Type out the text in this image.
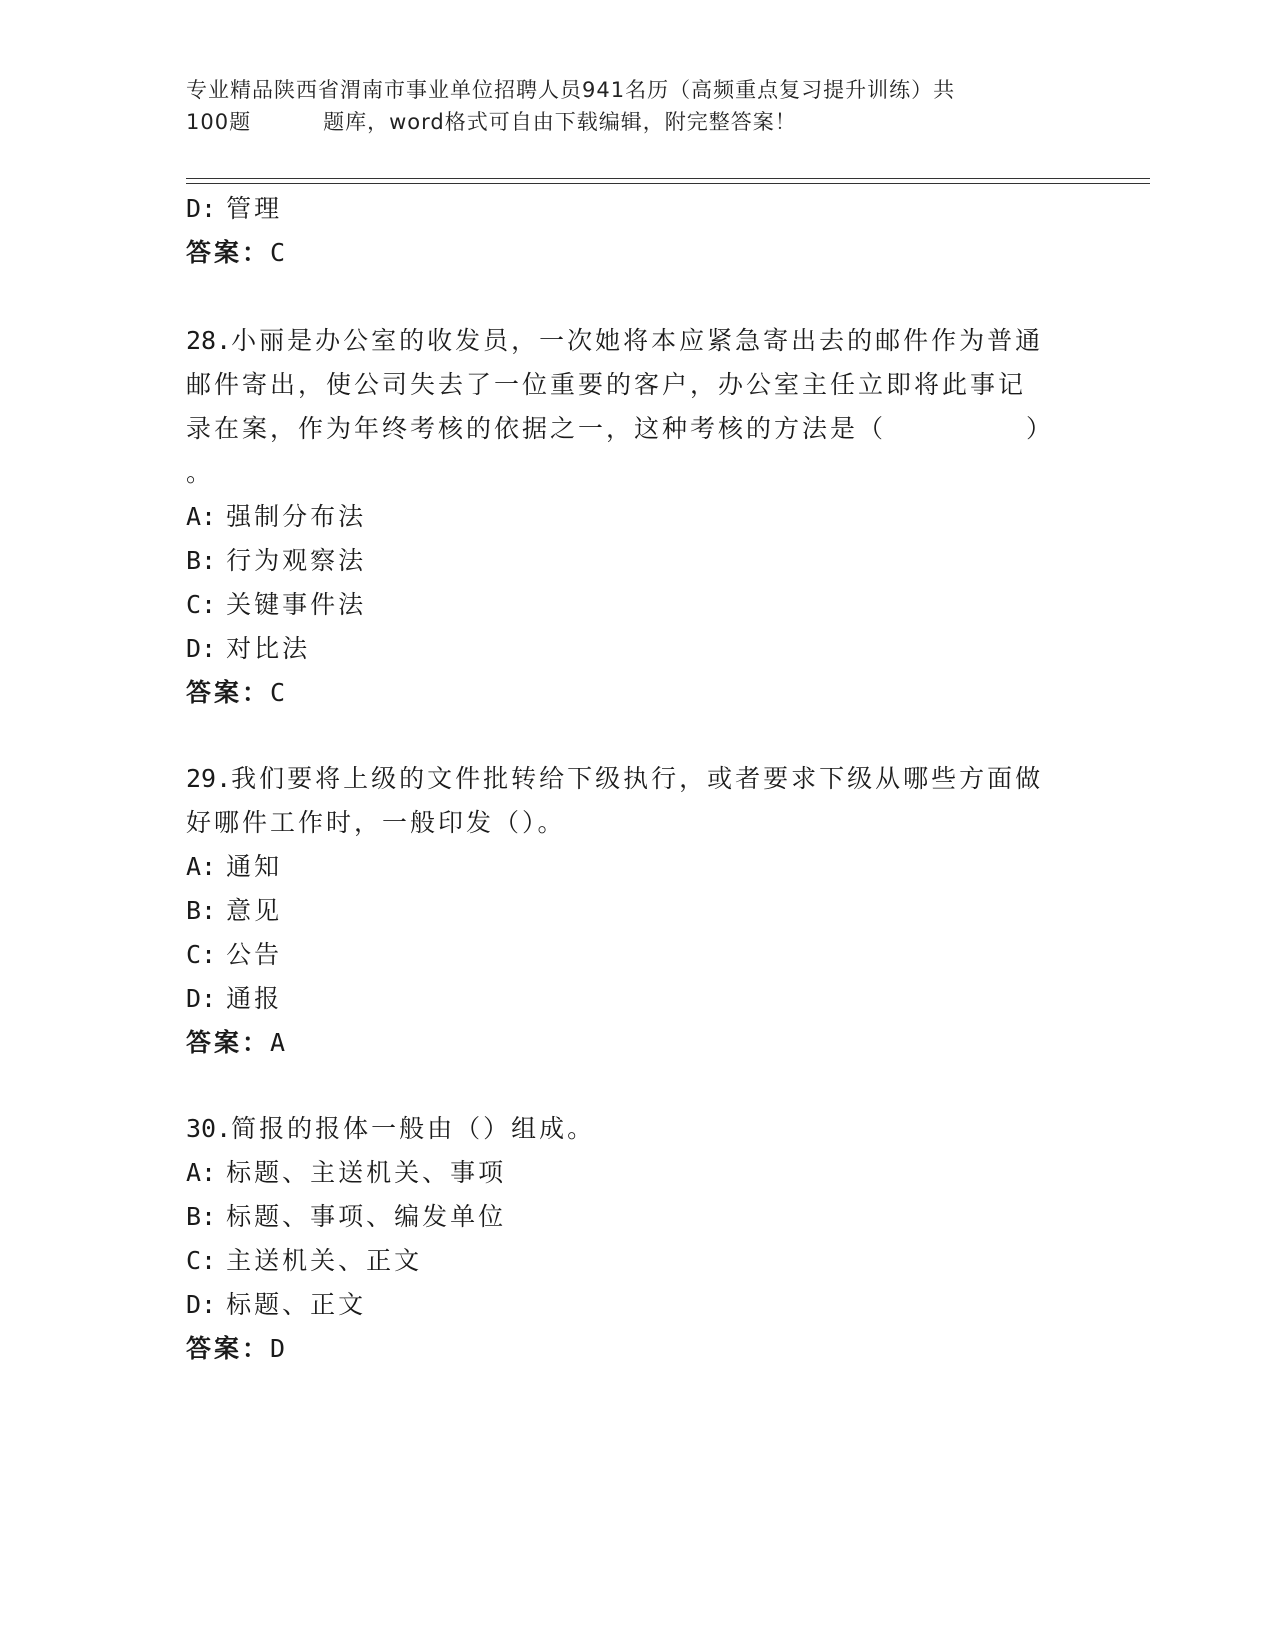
专业精品陕西省渭南市事业单位招聘人员941名历（高频重点复习提升训练）共
100题	题库，word格式可自由下载编辑，附完整答案！
D: 管理
答案：C
28.小丽是办公室的收发员，一次她将本应紧急寄出去的邮件作为普通
邮件寄出，使公司失去了一位重要的客户，办公室主任立即将此事记
录在案，作为年终考核的依据之一，这种考核的方法是（　　　　　）
。
A: 强制分布法
B: 行为观察法
C: 关键事件法
D: 对比法
答案：C
29.我们要将上级的文件批转给下级执行，或者要求下级从哪些方面做
好哪件工作时，一般印发（）。
A: 通知
B: 意见
C: 公告
D: 通报
答案：A
30.简报的报体一般由（）组成。
A: 标题、主送机关、事项
B: 标题、事项、编发单位
C: 主送机关、正文
D: 标题、正文
答案：D
